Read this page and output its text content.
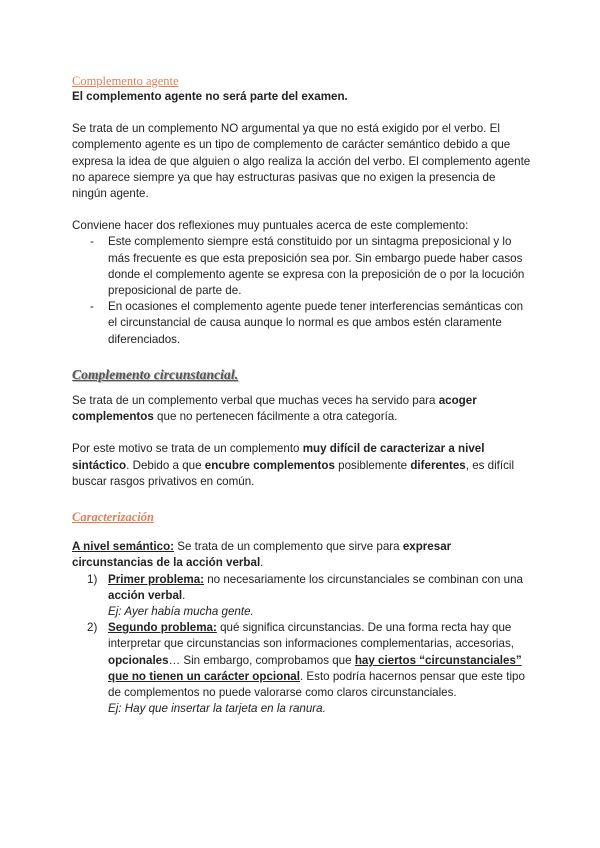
Complemento agente

El complemento agente no será parte del examen.

Se trata de un complemento NO argumental ya que no está exigido por el verbo. El complemento agente es un tipo de complemento de carácter semántico debido a que expresa la idea de que alguien o algo realiza la acción del verbo. El complemento agente no aparece siempre ya que hay estructuras pasivas que no exigen la presencia de ningún agente.

Conviene hacer dos reflexiones muy puntuales acerca de este complemento:

- Este complemento siempre está constituido por un sintagma preposicional y lo más frecuente es que esta preposición sea por. Sin embargo puede haber casos donde el complemento agente se expresa con la preposición de o por la locución preposicional de parte de.
- En ocasiones el complemento agente puede tener interferencias semánticas con el circunstancial de causa aunque lo normal es que ambos estén claramente diferenciados.

Complemento circunstancial.

Se trata de un complemento verbal que muchas veces ha servido para acoger complementos que no pertenecen fácilmente a otra categoría.

Por este motivo se trata de un complemento muy difícil de caracterizar a nivel sintáctico. Debido a que encubre complementos posiblemente diferentes, es difícil buscar rasgos privativos en común.

Caracterización

A nivel semántico: Se trata de un complemento que sirve para expresar circunstancias de la acción verbal.

1) Primer problema: no necesariamente los circunstanciales se combinan con una acción verbal.
Ej: Ayer había mucha gente.
2) Segundo problema: qué significa circunstancias. De una forma recta hay que interpretar que circunstancias son informaciones complementarias, accesorias, opcionales… Sin embargo, comprobamos que hay ciertos “circunstanciales” que no tienen un carácter opcional. Esto podría hacernos pensar que este tipo de complementos no puede valorarse como claros circunstanciales.
Ej: Hay que insertar la tarjeta en la ranura.
